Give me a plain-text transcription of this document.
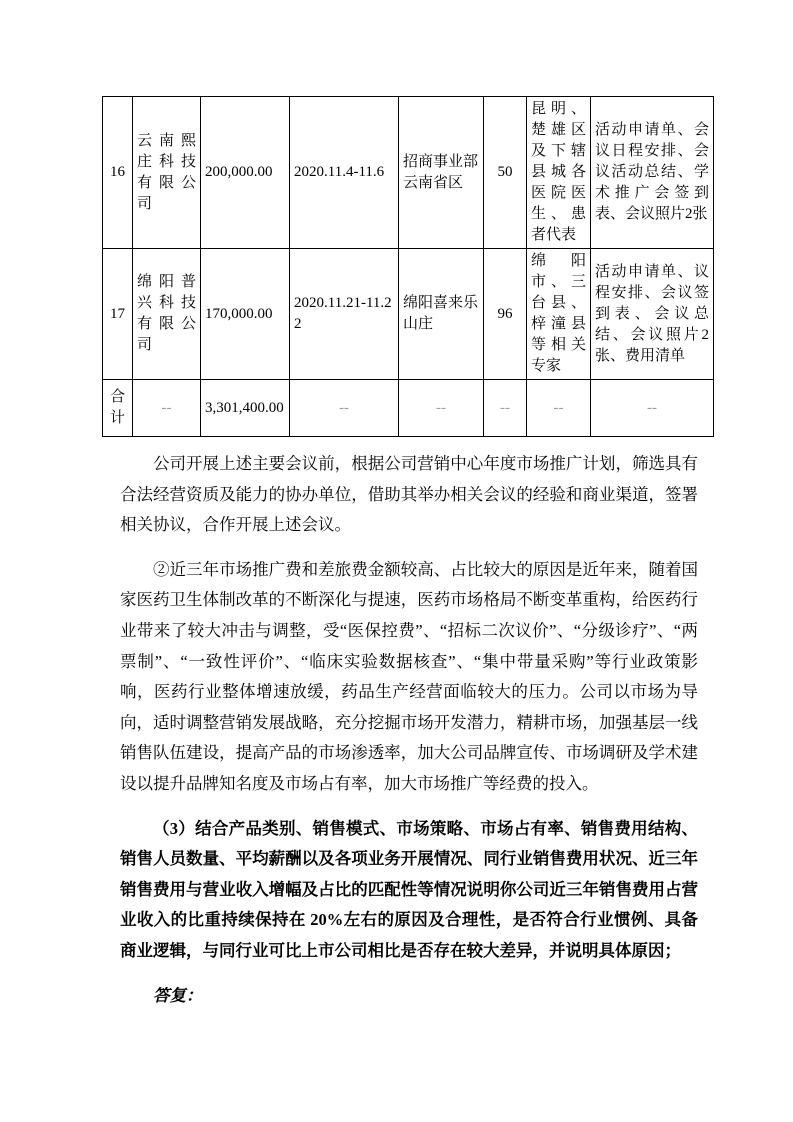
16	云南熙庄科技有限公司	200,000.00	2020.11.4-11.6	招商事业部云南省区	50	昆明、楚雄区及下辖县城各医院医生、患者代表	活动申请单、会议日程安排、会议活动总结、学术推广会签到表、会议照片2张
17	绵阳普兴科技有限公司	170,000.00	2020.11.21-11.22	绵阳喜来乐山庄	96	绵阳市、三台县、梓潼县等相关专家	活动申请单、议程安排、会议签到表、会议总结、会议照片2张、费用清单
合计	--	3,301,400.00	--	--	--	--	--

公司开展上述主要会议前，根据公司营销中心年度市场推广计划，筛选具有合法经营资质及能力的协办单位，借助其举办相关会议的经验和商业渠道，签署相关协议，合作开展上述会议。

②近三年市场推广费和差旅费金额较高、占比较大的原因是近年来，随着国家医药卫生体制改革的不断深化与提速，医药市场格局不断变革重构，给医药行业带来了较大冲击与调整，受“医保控费”、“招标二次议价”、“分级诊疗”、“两票制”、“一致性评价”、“临床实验数据核查”、“集中带量采购”等行业政策影响，医药行业整体增速放缓，药品生产经营面临较大的压力。公司以市场为导向，适时调整营销发展战略，充分挖掘市场开发潜力，精耕市场，加强基层一线销售队伍建设，提高产品的市场渗透率，加大公司品牌宣传、市场调研及学术建设以提升品牌知名度及市场占有率，加大市场推广等经费的投入。

（3）结合产品类别、销售模式、市场策略、市场占有率、销售费用结构、销售人员数量、平均薪酬以及各项业务开展情况、同行业销售费用状况、近三年销售费用与营业收入增幅及占比的匹配性等情况说明你公司近三年销售费用占营业收入的比重持续保持在 20%左右的原因及合理性，是否符合行业惯例、具备商业逻辑，与同行业可比上市公司相比是否存在较大差异，并说明具体原因；

答复：
